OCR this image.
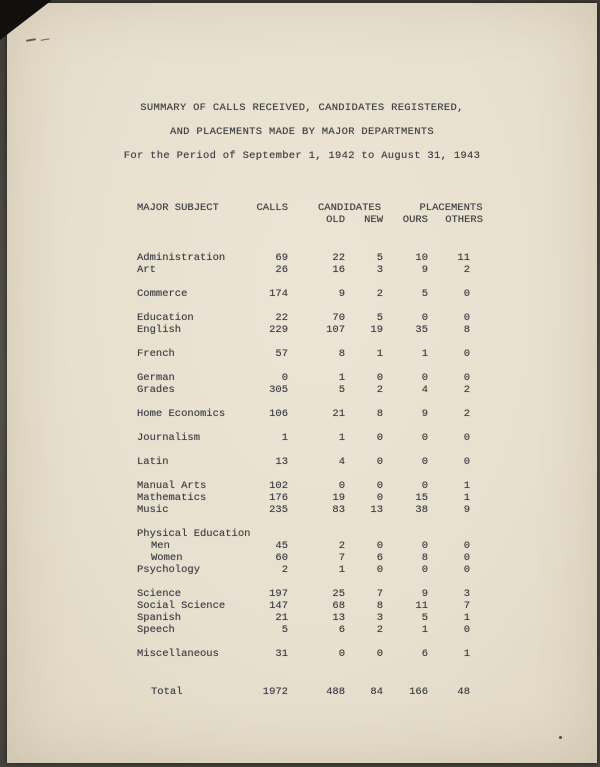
SUMMARY OF CALLS RECEIVED, CANDIDATES REGISTERED,
AND PLACEMENTS MADE BY MAJOR DEPARTMENTS
For the Period of September 1, 1942 to August 31, 1943
MAJOR SUBJECT	CALLS	CANDIDATES	PLACEMENTS
OLD	NEW	OURS	OTHERS
Administration	69	22	5	10	11
Art	26	16	3	9	2
Commerce	174	9	2	5	0
Education	22	70	5	0	0
English	229	107	19	35	8
French	57	8	1	1	0
German	0	1	0	0	0
Grades	305	5	2	4	2
Home Economics	106	21	8	9	2
Journalism	1	1	0	0	0
Latin	13	4	0	0	0
Manual Arts	102	0	0	0	1
Mathematics	176	19	0	15	1
Music	235	83	13	38	9
Physical Education
Men	45	2	0	0	0
Women	60	7	6	8	0
Psychology	2	1	0	0	0
Science	197	25	7	9	3
Social Science	147	68	8	11	7
Spanish	21	13	3	5	1
Speech	5	6	2	1	0
Miscellaneous	31	0	0	6	1
Total	1972	488	84	166	48
